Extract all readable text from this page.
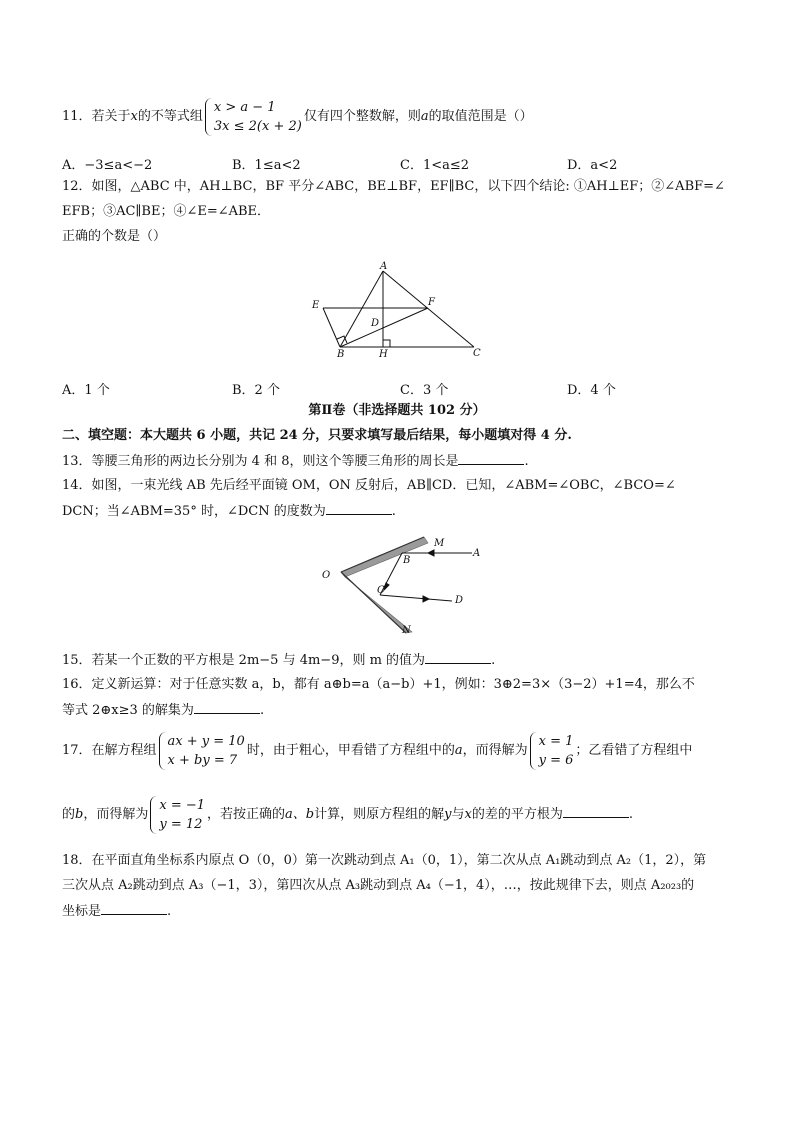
11．若关于x的不等式组
x > a − 1
3x ≤ 2(x + 2)
仅有四个整数解，则a的取值范围是（）
A．−3≤a<−2	B．1≤a<2	C．1<a≤2	D．a<2
12．如图，△ABC 中，AH⊥BC，BF 平分∠ABC，BE⊥BF，EF∥BC，以下四个结论: ①AH⊥EF；②∠ABF=∠
EFB；③AC∥BE；④∠E=∠ABE．
正确的个数是（）
A
E	F
D
B	H	C
A．1 个	B．2 个	C．3 个	D．4 个
第Ⅱ卷（非选择题共 102 分）
二、填空题：本大题共 6 小题，共记 24 分，只要求填写最后结果，每小题填对得 4 分.
13．等腰三角形的两边长分别为 4 和 8，则这个等腰三角形的周长是	.
14．如图，一束光线 AB 先后经平面镜 OM，ON 反射后，AB∥CD．已知，∠ABM=∠OBC，∠BCO=∠
DCN；当∠ABM=35° 时，∠DCN 的度数为	.
M
A
B
O
C
D
N
15．若某一个正数的平方根是 2m−5 与 4m−9，则 m 的值为	.
16．定义新运算：对于任意实数 a，b，都有 a⊕b=a（a−b）+1，例如：3⊕2=3×（3−2）+1=4，那么不
等式 2⊕x≥3 的解集为	.
17．在解方程组
ax + y = 10
x + by = 7
时，由于粗心，甲看错了方程组中的a，而得解为
x = 1
y = 6
；乙看错了方程组中
的b，而得解为
x = −1
y = 12
，若按正确的a、b计算，则原方程组的解y与x的差的平方根为	.
18．在平面直角坐标系内原点 O（0，0）第一次跳动到点 A₁（0，1），第二次从点 A₁跳动到点 A₂（1，2），第
三次从点 A₂跳动到点 A₃（−1，3），第四次从点 A₃跳动到点 A₄（−1，4），…，按此规律下去，则点 A₂₀₂₃的
坐标是	.
